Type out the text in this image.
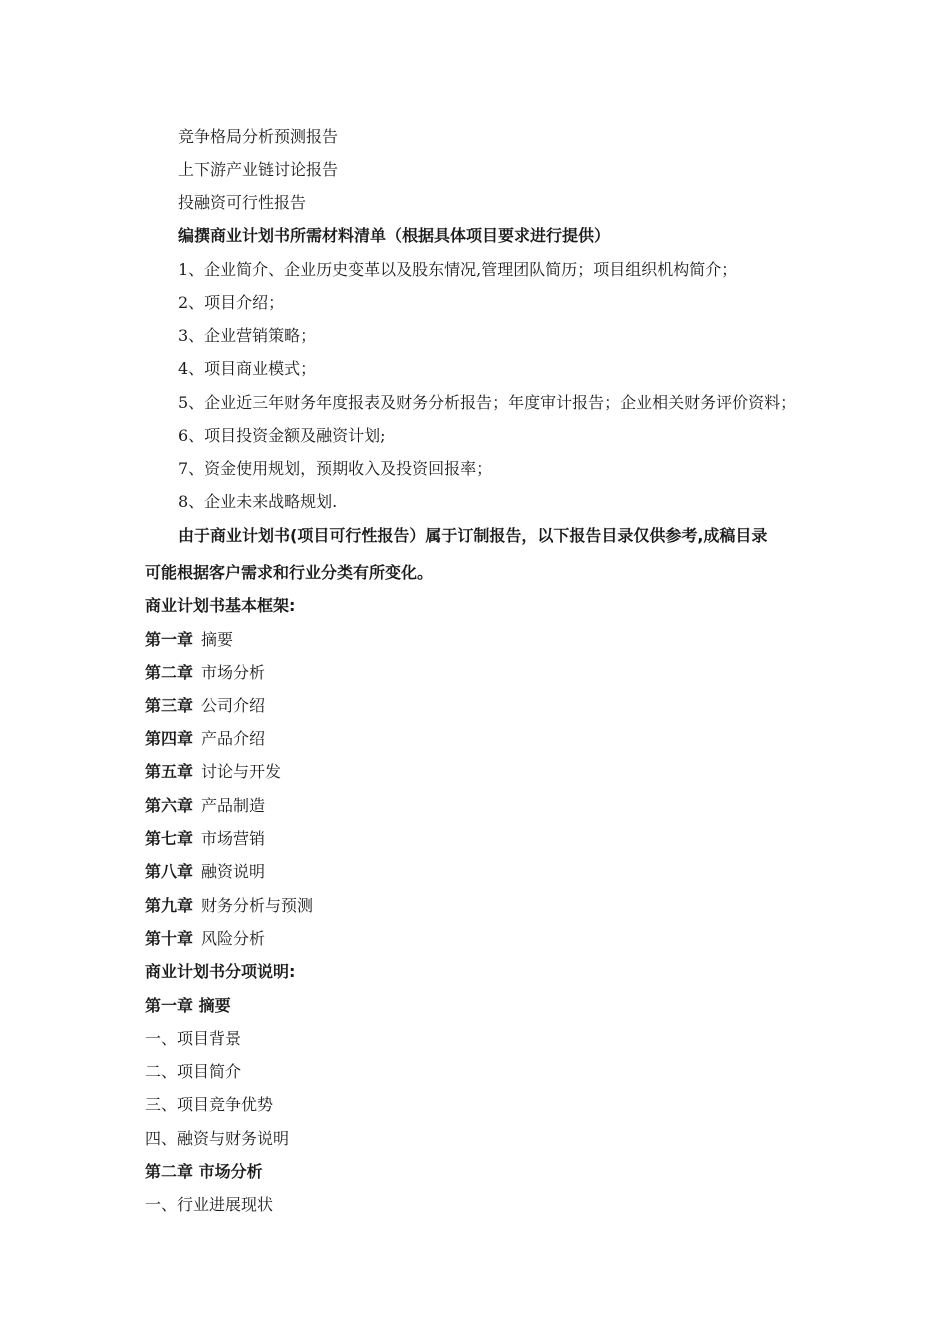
竞争格局分析预测报告

上下游产业链讨论报告

投融资可行性报告

编撰商业计划书所需材料清单（根据具体项目要求进行提供）

1、企业简介、企业历史变革以及股东情况,管理团队简历；项目组织机构简介；

2、项目介绍；

3、企业营销策略；

4、项目商业模式；

5、企业近三年财务年度报表及财务分析报告；年度审计报告；企业相关财务评价资料；

6、项目投资金额及融资计划;

7、资金使用规划，预期收入及投资回报率；

8、企业未来战略规划.

由于商业计划书(项目可行性报告）属于订制报告，以下报告目录仅供参考,成稿目录

可能根据客户需求和行业分类有所变化。

商业计划书基本框架:

第一章 摘要

第二章 市场分析

第三章 公司介绍

第四章 产品介绍

第五章 讨论与开发

第六章 产品制造

第七章 市场营销

第八章 融资说明

第九章 财务分析与预测

第十章 风险分析

商业计划书分项说明:

第一章 摘要

一、项目背景

二、项目简介

三、项目竞争优势

四、融资与财务说明

第二章 市场分析

一、行业进展现状
